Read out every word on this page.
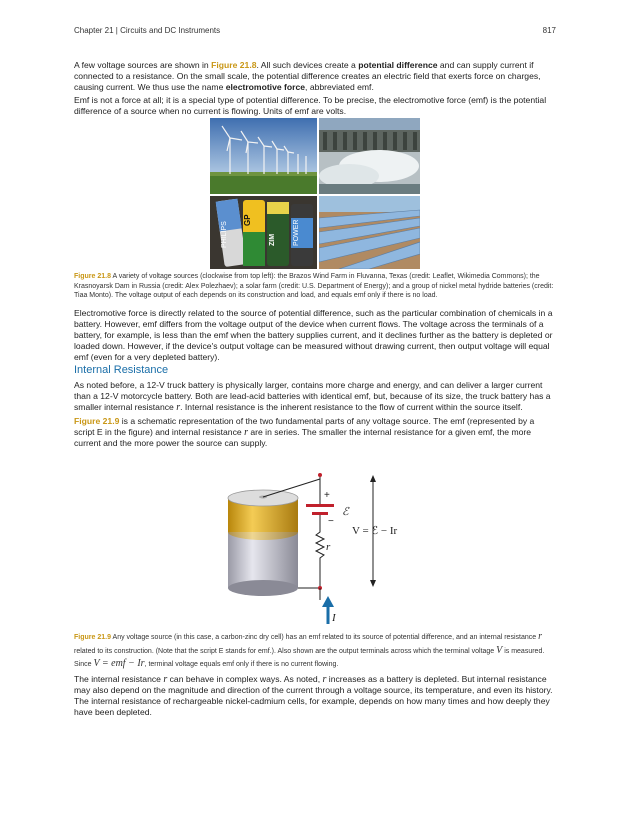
Chapter 21 | Circuits and DC Instruments	817
A few voltage sources are shown in Figure 21.8. All such devices create a potential difference and can supply current if connected to a resistance. On the small scale, the potential difference creates an electric field that exerts force on charges, causing current. We thus use the name electromotive force, abbreviated emf.
Emf is not a force at all; it is a special type of potential difference. To be precise, the electromotive force (emf) is the potential difference of a source when no current is flowing. Units of emf are volts.
PHILIPS
GP
ZIM POWER
Figure 21.8 A variety of voltage sources (clockwise from top left): the Brazos Wind Farm in Fluvanna, Texas (credit: Leaflet, Wikimedia Commons); the Krasnoyarsk Dam in Russia (credit: Alex Polezhaev); a solar farm (credit: U.S. Department of Energy); and a group of nickel metal hydride batteries (credit: Tiaa Monto). The voltage output of each depends on its construction and load, and equals emf only if there is no load.
Electromotive force is directly related to the source of potential difference, such as the particular combination of chemicals in a battery. However, emf differs from the voltage output of the device when current flows. The voltage across the terminals of a battery, for example, is less than the emf when the battery supplies current, and it declines further as the battery is depleted or loaded down. However, if the device's output voltage can be measured without drawing current, then output voltage will equal emf (even for a very depleted battery).
Internal Resistance
As noted before, a 12-V truck battery is physically larger, contains more charge and energy, and can deliver a larger current than a 12-V motorcycle battery. Both are lead-acid batteries with identical emf, but, because of its size, the truck battery has a smaller internal resistance r. Internal resistance is the inherent resistance to the flow of current within the source itself.
Figure 21.9 is a schematic representation of the two fundamental parts of any voltage source. The emf (represented by a script E in the figure) and internal resistance r are in series. The smaller the internal resistance for a given emf, the more current and the more power the source can supply.
+
−
ℰ
r
I
V = ℰ − Ir
Figure 21.9 Any voltage source (in this case, a carbon-zinc dry cell) has an emf related to its source of potential difference, and an internal resistance r related to its construction. (Note that the script E stands for emf.). Also shown are the output terminals across which the terminal voltage V is measured. Since V = emf − Ir, terminal voltage equals emf only if there is no current flowing.
The internal resistance r can behave in complex ways. As noted, r increases as a battery is depleted. But internal resistance may also depend on the magnitude and direction of the current through a voltage source, its temperature, and even its history. The internal resistance of rechargeable nickel-cadmium cells, for example, depends on how many times and how deeply they have been depleted.
